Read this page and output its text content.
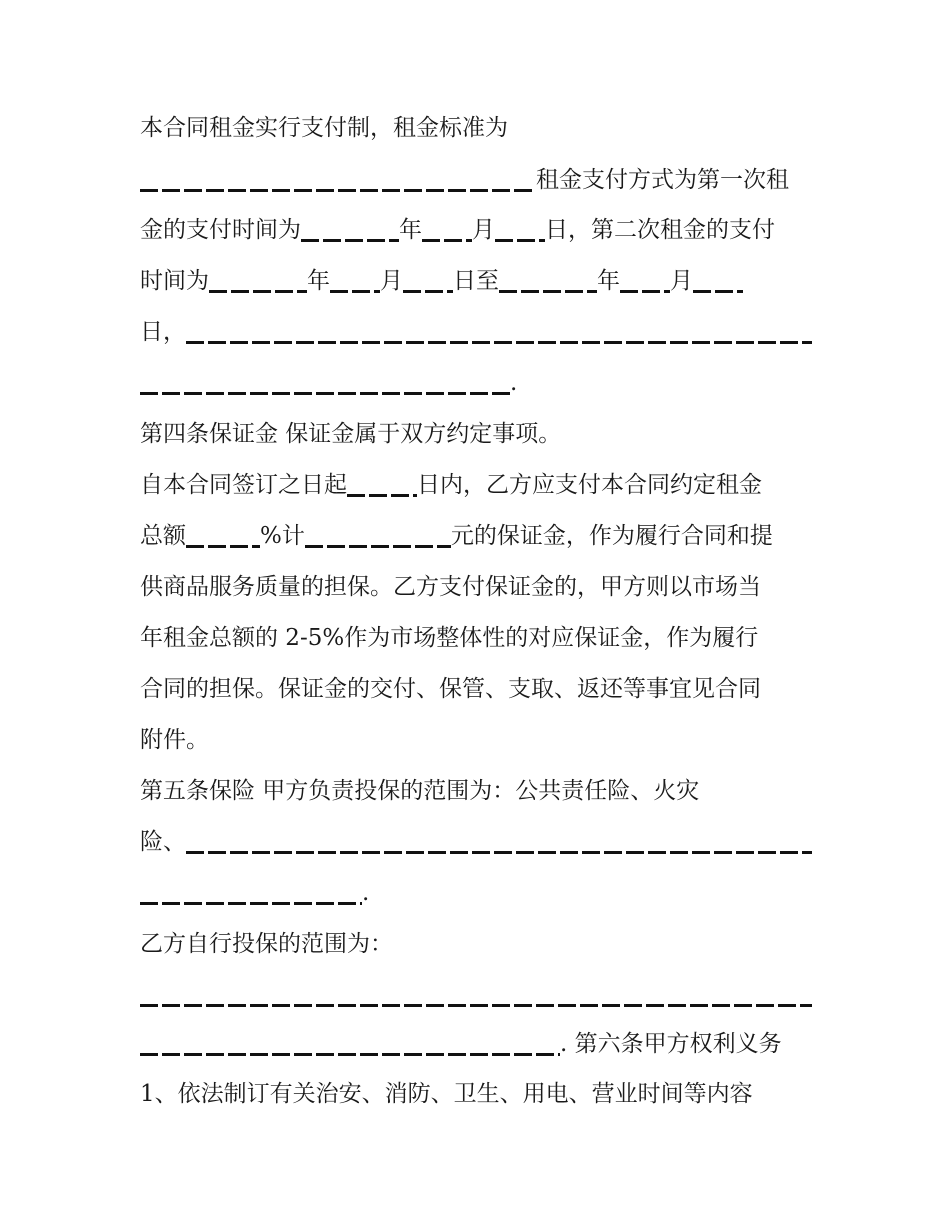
本合同租金实行支付制，租金标准为
租金支付方式为第一次租
金的支付时间为	年 月 日，第二次租金的支付
时间为	年 月 日至	年 月
日，
.
第四条保证金 保证金属于双方约定事项。
自本合同签订之日起	日内，乙方应支付本合同约定租金
总额	%计	元的保证金，作为履行合同和提
供商品服务质量的担保。乙方支付保证金的，甲方则以市场当
年租金总额的 2-5%作为市场整体性的对应保证金，作为履行
合同的担保。保证金的交付、保管、支取、返还等事宜见合同
附件。
第五条保险 甲方负责投保的范围为：公共责任险、火灾
险、
.
乙方自行投保的范围为：
. 第六条甲方权利义务
1、依法制订有关治安、消防、卫生、用电、营业时间等内容
